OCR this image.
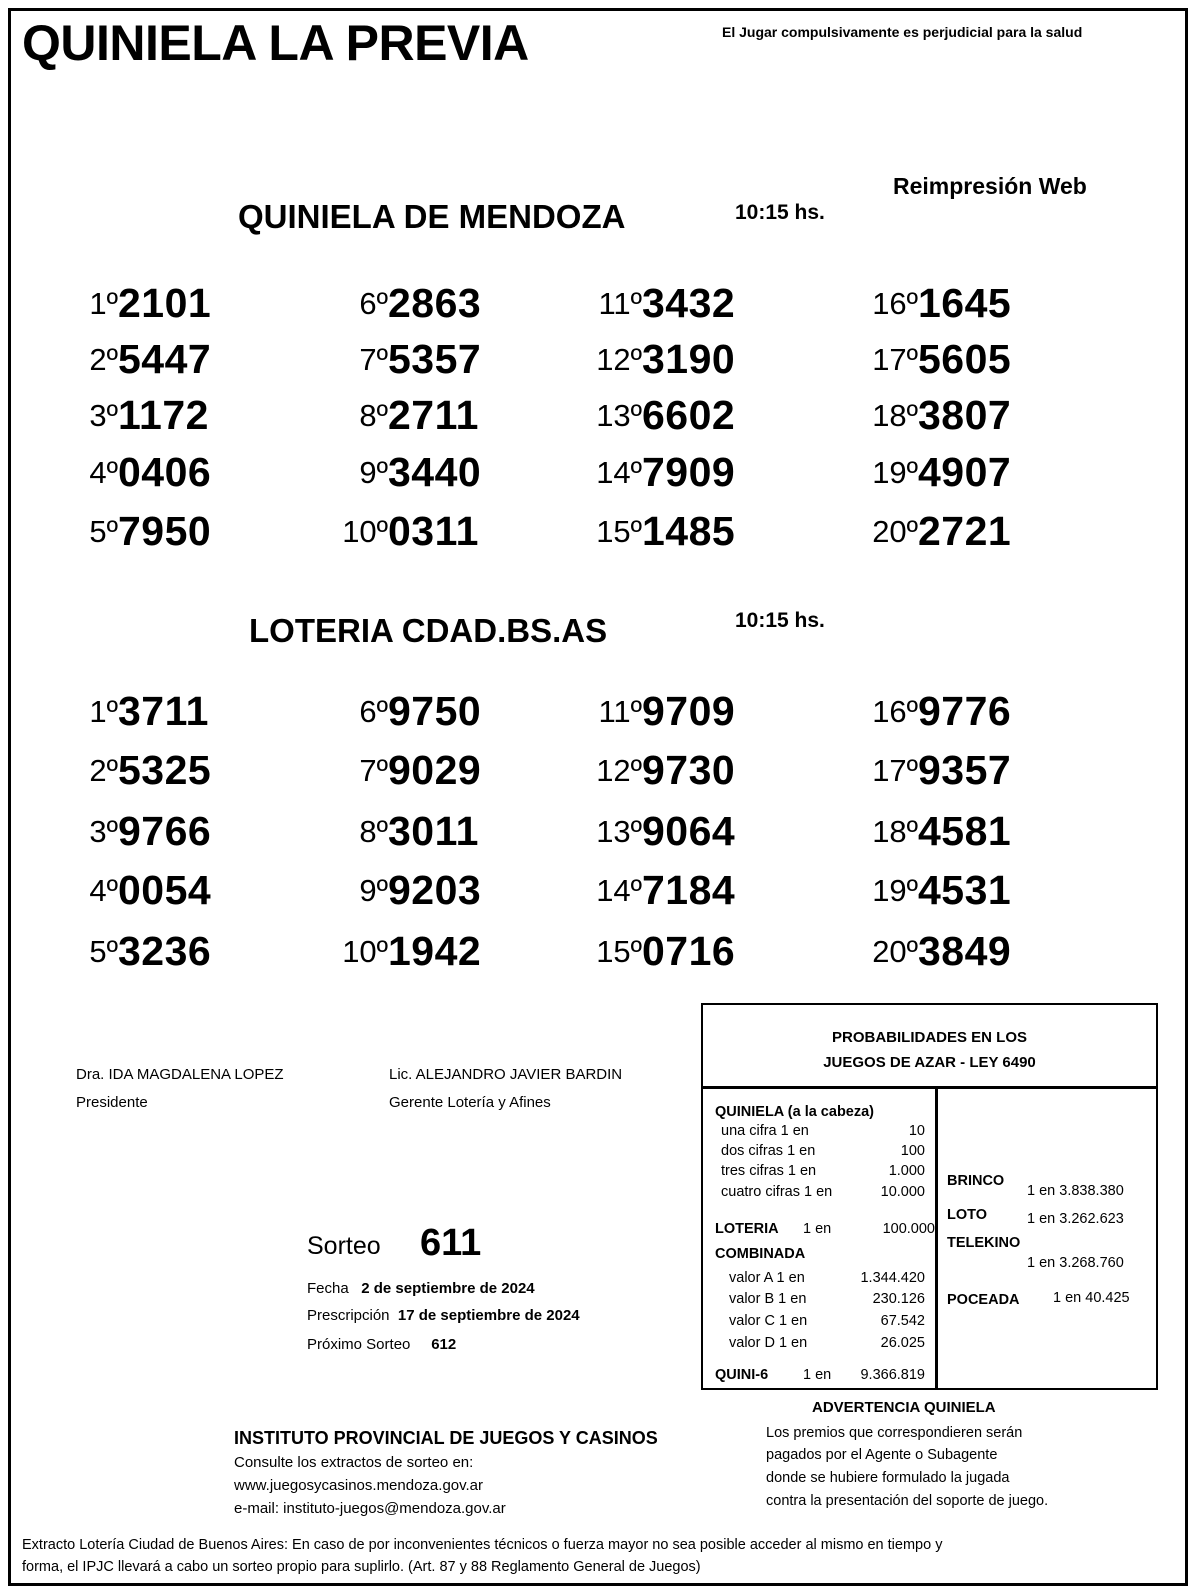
QUINIELA LA PREVIA	El Jugar compulsivamente es perjudicial para la salud
Reimpresión Web
QUINIELA DE MENDOZA	10:15 hs.
1º 2101
2º 5447
3º 1172
4º 0406
5º 7950
6º 2863
7º 5357
8º 2711
9º 3440
10º 0311
11º 3432
12º 3190
13º 6602
14º 7909
15º 1485
16º 1645
17º 5605
18º 3807
19º 4907
20º 2721
LOTERIA CDAD.BS.AS	10:15 hs.
1º 3711
2º 5325
3º 9766
4º 0054
5º 3236
6º 9750
7º 9029
8º 3011
9º 9203
10º 1942
11º 9709
12º 9730
13º 9064
14º 7184
15º 0716
16º 9776
17º 9357
18º 4581
19º 4531
20º 3849
Dra. IDA MAGDALENA LOPEZ
Presidente
Lic. ALEJANDRO JAVIER BARDIN
Gerente Lotería y Afines
Sorteo 611
Fecha 2 de septiembre de 2024
Prescripción 17 de septiembre de 2024
Próximo Sorteo 612
INSTITUTO PROVINCIAL DE JUEGOS Y CASINOS
Consulte los extractos de sorteo en:
www.juegosycasinos.mendoza.gov.ar
e-mail: instituto-juegos@mendoza.gov.ar
PROBABILIDADES EN LOS
JUEGOS DE AZAR - LEY 6490
QUINIELA (a la cabeza)
una cifra 1 en	10
dos cifras 1 en	100
tres cifras 1 en	1.000
cuatro cifras 1 en	10.000
LOTERIA 1 en	100.000
COMBINADA
valor A 1 en	1.344.420
valor B 1 en	230.126
valor C 1 en	67.542
valor D 1 en	26.025
QUINI-6 1 en	9.366.819
BRINCO
1 en 3.838.380
LOTO	1 en 3.262.623
TELEKINO
1 en 3.268.760
POCEADA 1 en 40.425
ADVERTENCIA QUINIELA
Los premios que correspondieren serán
pagados por el Agente o Subagente
donde se hubiere formulado la jugada
contra la presentación del soporte de juego.
Extracto Lotería Ciudad de Buenos Aires: En caso de por inconvenientes técnicos o fuerza mayor no sea posible acceder al mismo en tiempo y
forma, el IPJC llevará a cabo un sorteo propio para suplirlo. (Art. 87 y 88 Reglamento General de Juegos)
